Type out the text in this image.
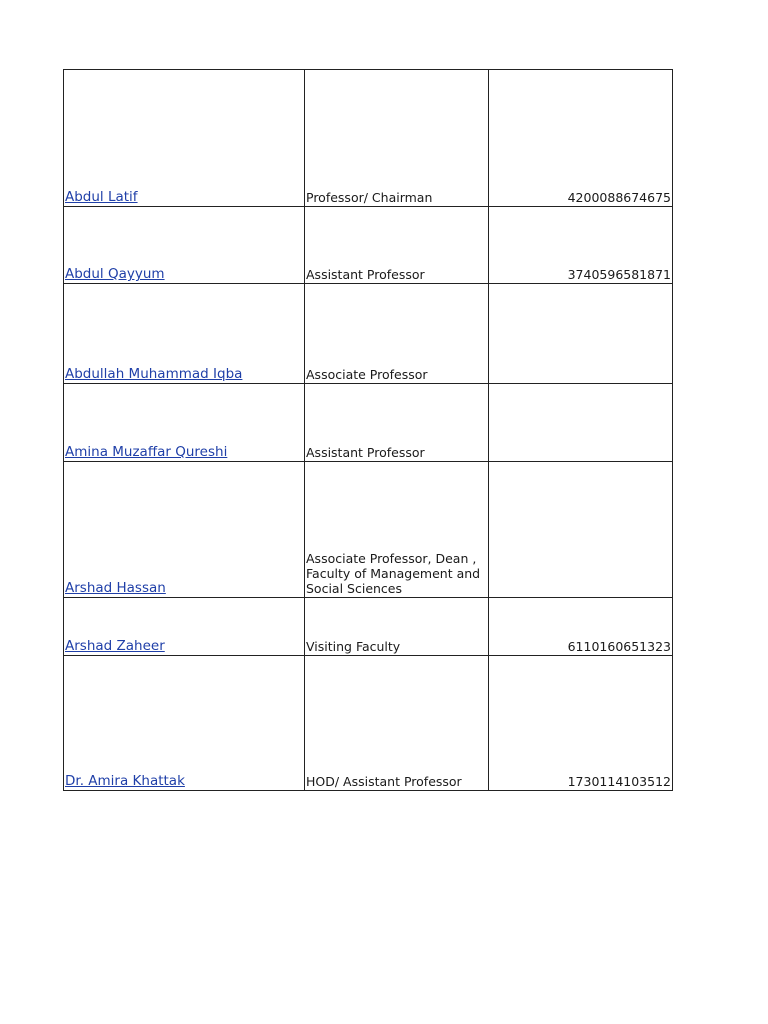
Abdul Latif	Professor/ Chairman	4200088674675
Abdul Qayyum	Assistant Professor	3740596581871
Abdullah Muhammad Iqba	Associate Professor	
Amina Muzaffar Qureshi	Assistant Professor	
Arshad Hassan	Associate Professor, Dean ,
Faculty of Management and
Social Sciences	
Arshad Zaheer	Visiting Faculty	6110160651323
Dr. Amira Khattak	HOD/ Assistant Professor	1730114103512
